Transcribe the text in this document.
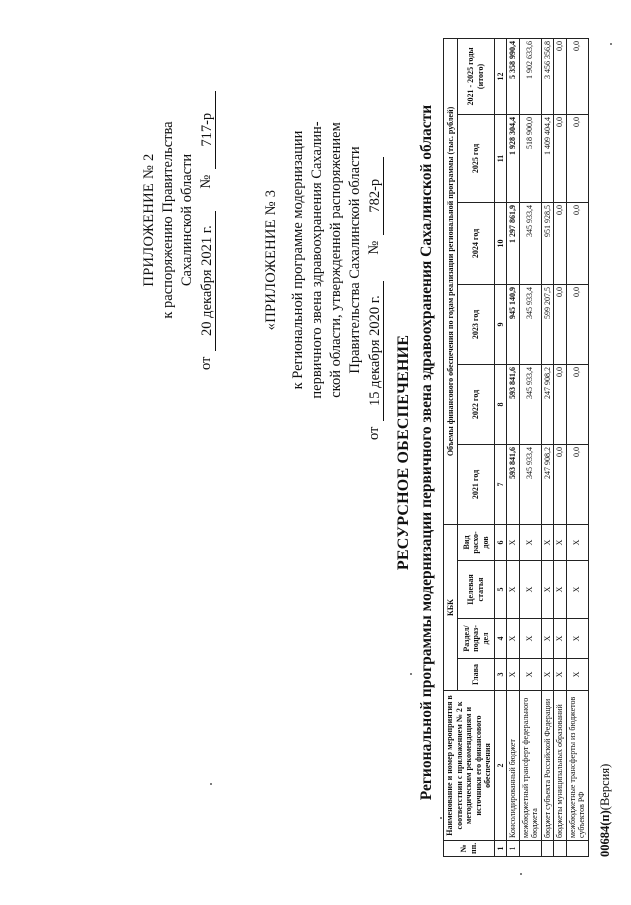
ПРИЛОЖЕНИЕ № 2 к распоряжению Правительства Сахалинской области
от
20 декабря 2021 г.
№
717-р
«ПРИЛОЖЕНИЕ № 3 к Региональной программе модернизации первичного звена здравоохранения Сахалин- ской области, утвержденной распоряжением Правительства Сахалинской области
от
15 декабря 2020 г.
№
782-р
РЕСУРСНОЕ ОБЕСПЕЧЕНИЕ Региональной программы модернизации первичного звена здравоохранения Сахалинской области
№ пп.	Наименование и номер мероприятия в соответствии с приложением № 2 к методическим рекомендациям и источники его финансового обеспечения	КБК				Объемы финансового обеспечения по годам реализации региональной программы (тыс. рублей)					
		Глава	Раздел/ подраз-дел	Целевая статья	Вид расхо-дов	2021 год	2022 год	2023 год	2024 год	2025 год	2021 - 2025 годы (итого)
1	2	3	4	5	6	7	8	9	10	11	12
1	Консолидированный бюджет	Х	Х	Х	Х	593 841,6	593 841,6	945 140,9	1 297 861,9	1 928 304,4	5 358 990,4
	межбюджетный трансферт федерального бюджета	Х	Х	Х	Х	345 933,4	345 933,4	345 933,4	345 933,4	518 900,0	1 902 633,6
	бюджет субъекта Российской Федерации	Х	Х	Х	Х	247 908,2	247 908,2	599 207,5	951 928,5	1 409 404,4	3 456 356,8
	бюджеты муниципальных образований	Х	Х	Х	Х	0,0	0,0	0,0	0,0	0,0	0,0
	межбюджетные трансферты из бюджетов субъектов РФ	Х	Х	Х	Х	0,0	0,0	0,0	0,0	0,0	0,0
00684(п)(Версия)
